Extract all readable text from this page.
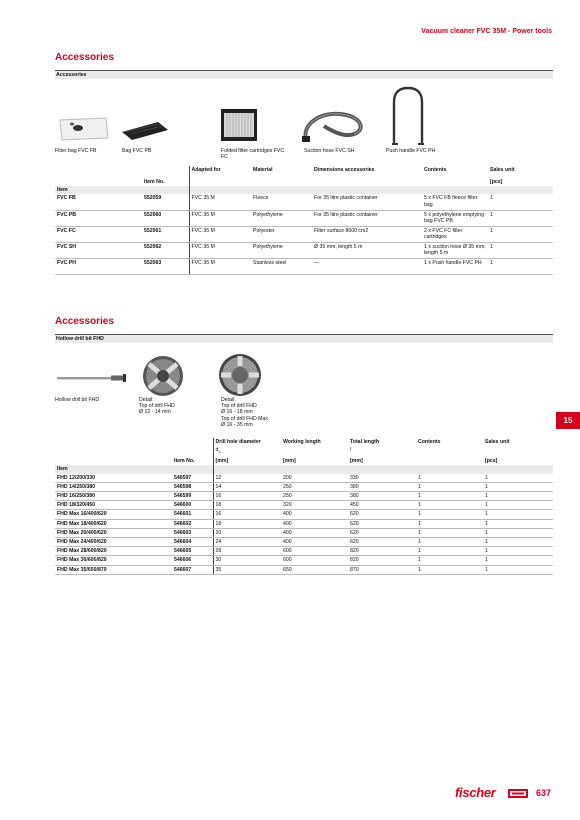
Vacuum cleaner FVC 35M - Power tools
Accessories
Accessories
Filter bag FVC FB	Bag FVC PB	Folded filter cartridges FVC FC
Suction hose FVC SH	Push handle FVC PH
		Adapted for	Material	Dimensions accessories	Contents	Sales unit
	Item No.					[pcs]
Item						
FVC FB	552059	FVC 35 M	Fleece	For 35 litre plastic container	5 x FVC FB fleece filter bag	1
FVC PB	552060	FVC 35 M	Polyethylene	For 35 litre plastic container	5 x polyethylene emptying bag FVC PB	1
FVC FC	552061	FVC 35 M	Polyester	Filter surface 8600 cm2	2 x FVC FC filter cartridges	1
FVC SH	552062	FVC 35 M	Polyethylene	Ø 35 mm, length 5 m	1 x suction hose Ø 35 mm, length 5 m	1
FVC PH	552063	FVC 35 M	Stainless steel	—	1 x Push handle FVC PH	1
Accessories
Hollow drill bit FHD
Hollow drill bit FHD	Detail:
Top of drill FHD
Ø 12 - 14 mm
Detail:
Top of drill FHD
Ø 16 - 18 mm
Top of drill FHD Max
Ø 16 - 35 mm
		Drill hole diameter	Working length	Total length	Contents	Sales unit
		$d_o$		l		
	Item No.	[mm]	[mm]	[mm]		[pcs]
Item						
FHD 12/200/330	546597	12	200	330	1	1
FHD 14/250/380	546598	14	250	380	1	1
FHD 16/250/380	546599	16	250	380	1	1
FHD 18/320/450	546600	18	320	450	1	1
FHD Max 16/400/620	546601	16	400	620	1	1
FHD Max 18/400/620	546602	18	400	620	1	1
FHD Max 20/400/620	546603	20	400	620	1	1
FHD Max 24/400/620	546604	24	400	620	1	1
FHD Max 28/600/820	546605	28	600	820	1	1
FHD Max 30/600/820	546606	30	600	820	1	1
FHD Max 35/650/870	546607	35	650	870	1	1
15
fischer	637
